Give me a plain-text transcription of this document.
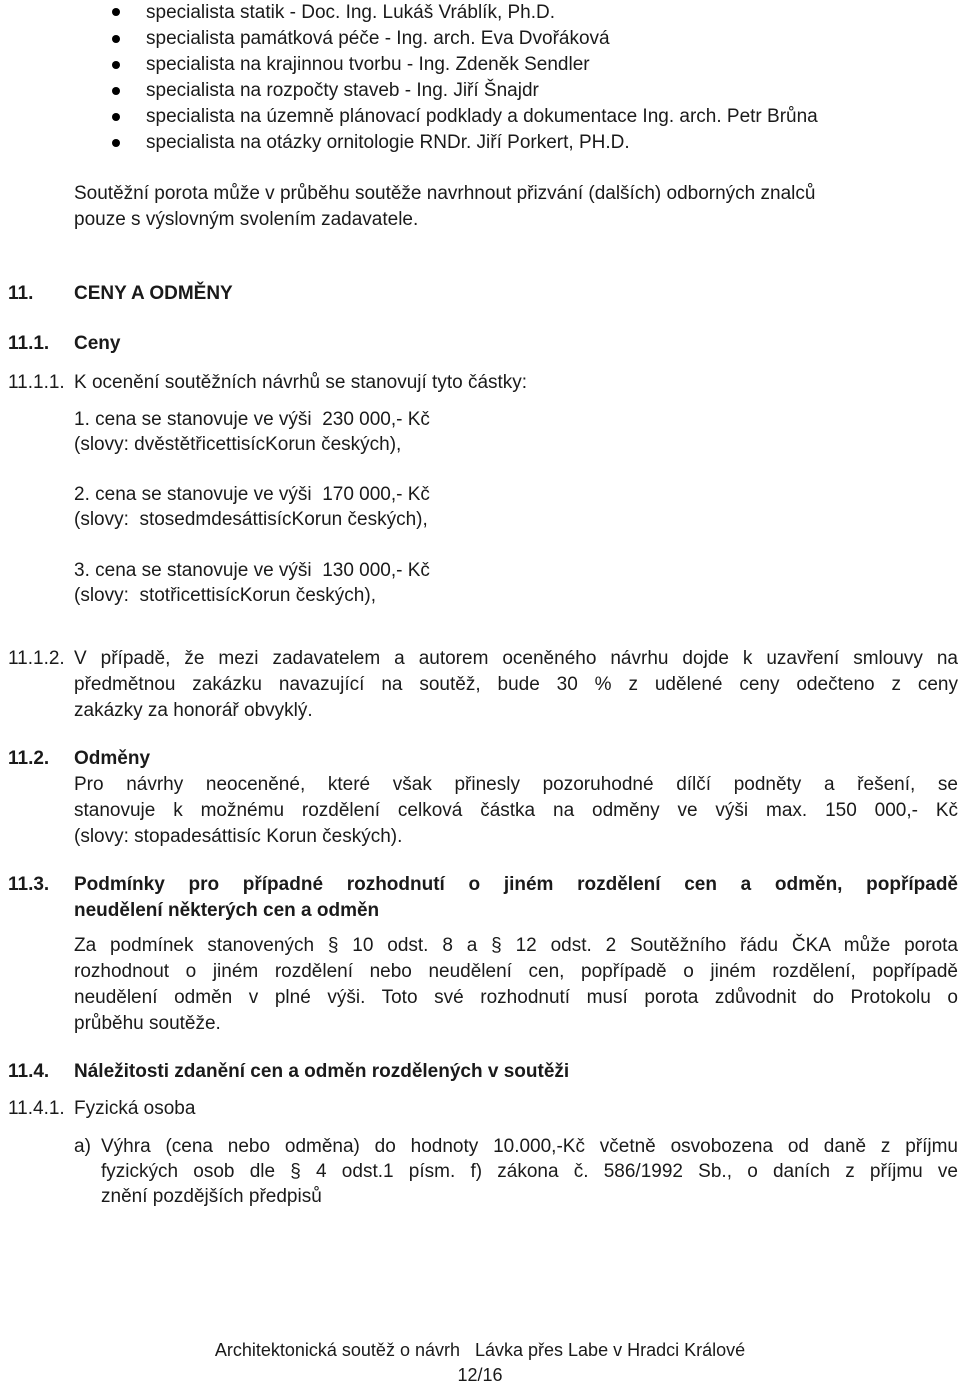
specialista statik - Doc. Ing. Lukáš Vráblík, Ph.D.
specialista památková péče - Ing. arch. Eva Dvořáková
specialista na krajinnou tvorbu - Ing. Zdeněk Sendler
specialista na rozpočty staveb - Ing. Jiří Šnajdr
specialista na územně plánovací podklady a dokumentace Ing. arch. Petr Brůna
specialista na otázky ornitologie RNDr. Jiří Porkert, PH.D.
Soutěžní porota může v průběhu soutěže navrhnout přizvání (dalších) odborných znalců
pouze s výslovným svolením zadavatele.
11. CENY A ODMĚNY
11.1. Ceny
11.1.1. K ocenění soutěžních návrhů se stanovují tyto částky:
1. cena se stanovuje ve výši  230 000,- Kč
(slovy: dvěstětřicettisícKorun českých),
2. cena se stanovuje ve výši  170 000,- Kč
(slovy:  stosedmdesáttisícKorun českých),
3. cena se stanovuje ve výši  130 000,- Kč
(slovy:  stotřicettisícKorun českých),
11.1.2. V případě, že mezi zadavatelem a autorem oceněného návrhu dojde k uzavření smlouvy na
předmětnou zakázku navazující na soutěž, bude 30 % z udělené ceny odečteno z ceny
zakázky za honorář obvyklý.
11.2. Odměny
Pro návrhy neoceněné, které však přinesly pozoruhodné dílčí podněty a řešení, se
stanovuje k možnému rozdělení celková částka na odměny ve výši max. 150 000,- Kč
(slovy: stopadesáttisíc Korun českých).
11.3. Podmínky pro případné rozhodnutí o jiném rozdělení cen a odměn, popřípadě
neudělení některých cen a odměn
Za podmínek stanovených § 10 odst. 8 a § 12 odst. 2 Soutěžního řádu ČKA může porota
rozhodnout o jiném rozdělení nebo neudělení cen, popřípadě o jiném rozdělení, popřípadě
neudělení odměn v plné výši. Toto své rozhodnutí musí porota zdůvodnit do Protokolu o
průběhu soutěže.
11.4. Náležitosti zdanění cen a odměn rozdělených v soutěži
11.4.1. Fyzická osoba
a) Výhra (cena nebo odměna) do hodnoty 10.000,-Kč včetně osvobozena od daně z příjmu
fyzických osob dle § 4 odst.1 písm. f) zákona č. 586/1992 Sb., o daních z příjmu ve
znění pozdějších předpisů
Architektonická soutěž o návrh   Lávka přes Labe v Hradci Králové
12/16
